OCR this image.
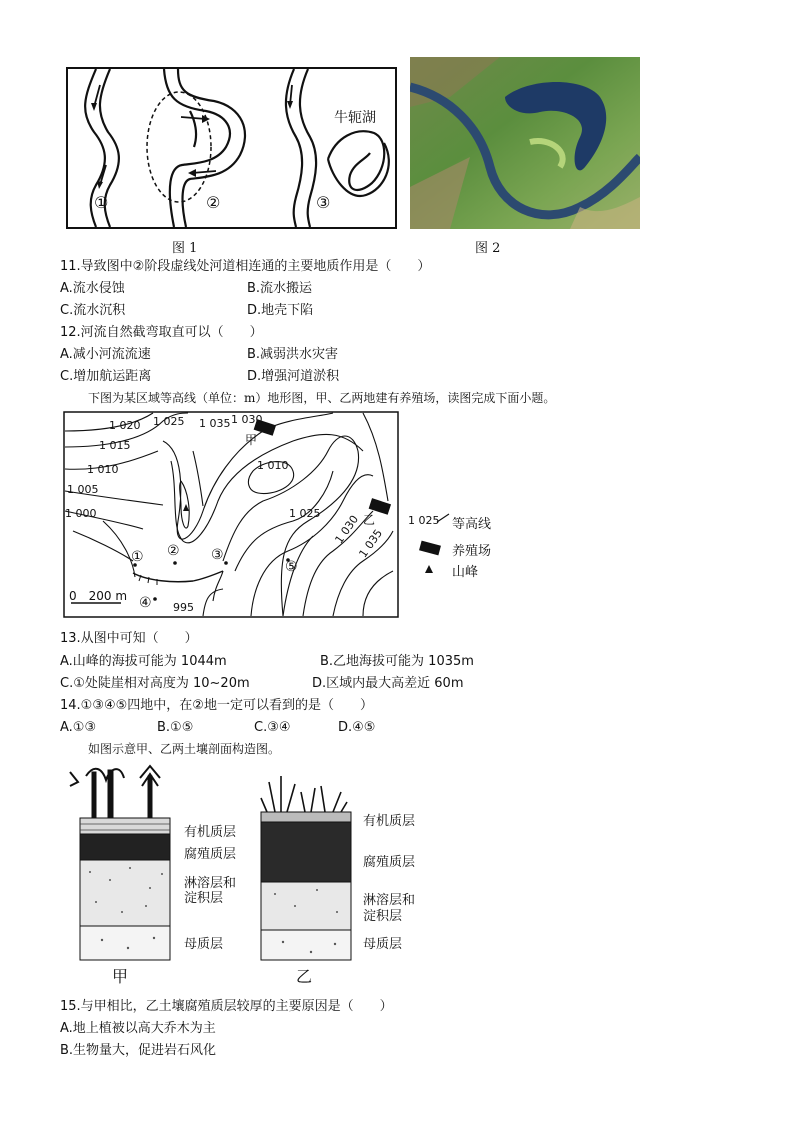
①	②	③
牛轭湖
图 1	图 2
11.导致图中②阶段虚线处河道相连通的主要地质作用是（　　）
A.流水侵蚀	B.流水搬运
C.流水沉积	D.地壳下陷
12.河流自然截弯取直可以（　　）
A.减小河流流速	B.减弱洪水灾害
C.增加航运距离	D.增强河道淤积
下图为某区域等高线（单位：m）地形图，甲、乙两地建有养殖场，读图完成下面小题。
1 030
1 025 1 035
1 020
1 015
1 010
1 005
1 000
1 010
1 025 1 030
1 035
995
甲
乙
① ② ③
④
⑤
0　200 m
1 025 等高线
养殖场
山峰
13.从图中可知（　　）
A.山峰的海拔可能为 1044m	B.乙地海拔可能为 1035m
C.①处陡崖相对高度为 10~20m	D.区域内最大高差近 60m
14.①③④⑤四地中，在②地一定可以看到的是（　　）
A.①③	B.①⑤	C.③④	D.④⑤
如图示意甲、乙两土壤剖面构造图。
有机质层
腐殖质层
淋溶层和
淀积层
母质层
甲
有机质层
腐殖质层
淋溶层和
淀积层
母质层
乙
15.与甲相比，乙土壤腐殖质层较厚的主要原因是（　　）
A.地上植被以高大乔木为主
B.生物量大，促进岩石风化
